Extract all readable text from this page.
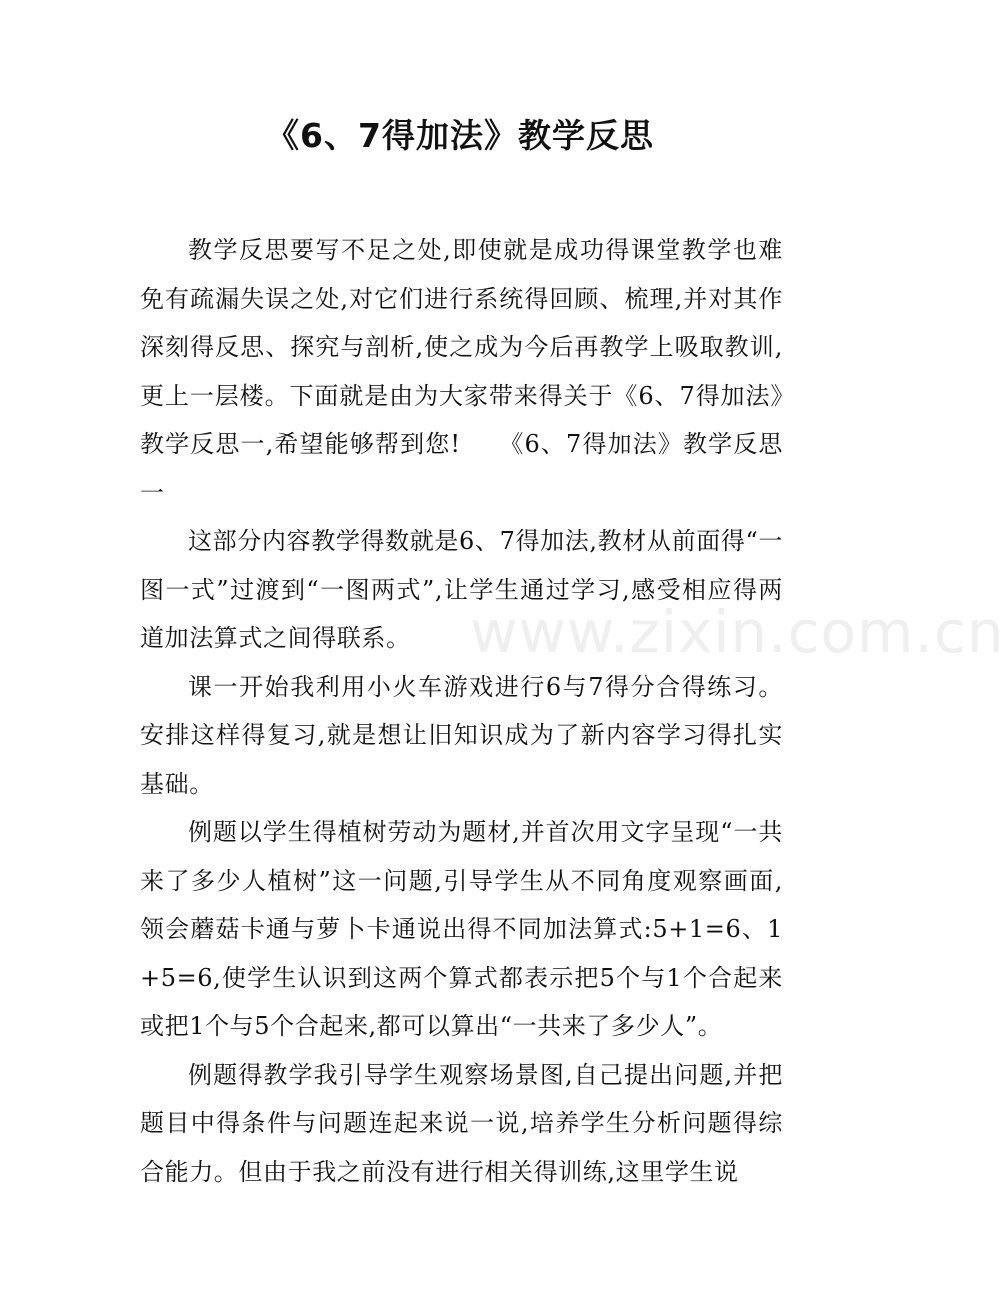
《6、7得加法》教学反思

教学反思要写不足之处,即使就是成功得课堂教学也难免有疏漏失误之处,对它们进行系统得回顾、梳理,并对其作深刻得反思、探究与剖析,使之成为今后再教学上吸取教训,更上一层楼。下面就是由为大家带来得关于《6、7得加法》教学反思一,希望能够帮到您!　　《6、7得加法》教学反思一

这部分内容教学得数就是6、7得加法,教材从前面得“一图一式”过渡到“一图两式”,让学生通过学习,感受相应得两道加法算式之间得联系。

课一开始我利用小火车游戏进行6与7得分合得练习。安排这样得复习,就是想让旧知识成为了新内容学习得扎实基础。

例题以学生得植树劳动为题材,并首次用文字呈现“一共来了多少人植树”这一问题,引导学生从不同角度观察画面,领会蘑菇卡通与萝卜卡通说出得不同加法算式:5+1=6、1+5=6,使学生认识到这两个算式都表示把5个与1个合起来或把1个与5个合起来,都可以算出“一共来了多少人”。

例题得教学我引导学生观察场景图,自己提出问题,并把题目中得条件与问题连起来说一说,培养学生分析问题得综合能力。但由于我之前没有进行相关得训练,这里学生说

www.zixin.com.cn
